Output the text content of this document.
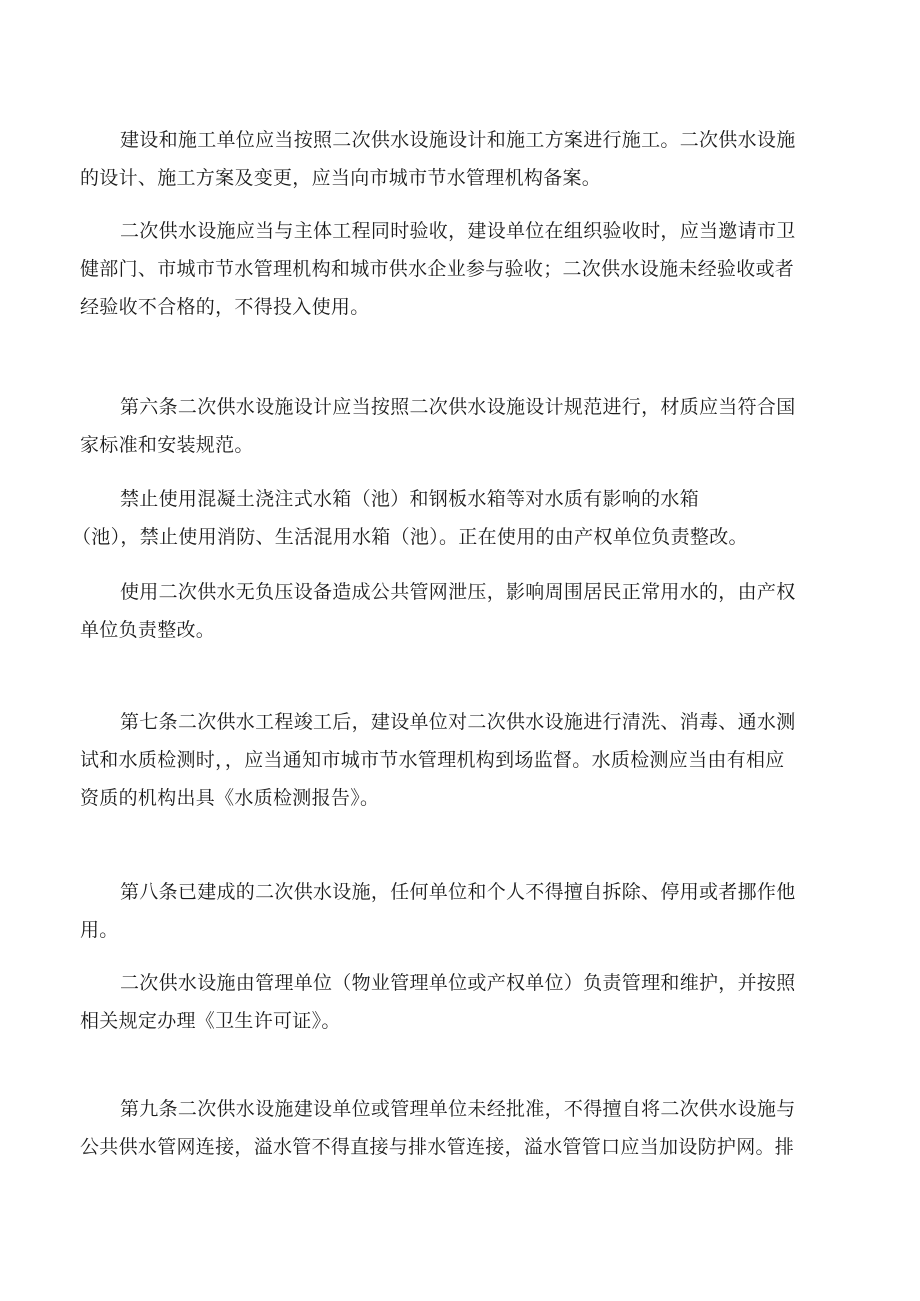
建设和施工单位应当按照二次供水设施设计和施工方案进行施工。二次供水设施
的设计、施工方案及变更，应当向市城市节水管理机构备案。
二次供水设施应当与主体工程同时验收，建设单位在组织验收时，应当邀请市卫
健部门、市城市节水管理机构和城市供水企业参与验收；二次供水设施未经验收或者
经验收不合格的，不得投入使用。
第六条二次供水设施设计应当按照二次供水设施设计规范进行，材质应当符合国
家标准和安装规范。
禁止使用混凝土浇注式水箱（池）和钢板水箱等对水质有影响的水箱
（池），禁止使用消防、生活混用水箱（池）。正在使用的由产权单位负责整改。
使用二次供水无负压设备造成公共管网泄压，影响周围居民正常用水的，由产权
单位负责整改。
第七条二次供水工程竣工后，建设单位对二次供水设施进行清洗、消毒、通水测
试和水质检测时，，应当通知市城市节水管理机构到场监督。水质检测应当由有相应
资质的机构出具《水质检测报告》。
第八条已建成的二次供水设施，任何单位和个人不得擅自拆除、停用或者挪作他
用。
二次供水设施由管理单位（物业管理单位或产权单位）负责管理和维护，并按照
相关规定办理《卫生许可证》。
第九条二次供水设施建设单位或管理单位未经批准，不得擅自将二次供水设施与
公共供水管网连接，溢水管不得直接与排水管连接，溢水管管口应当加设防护网。排
